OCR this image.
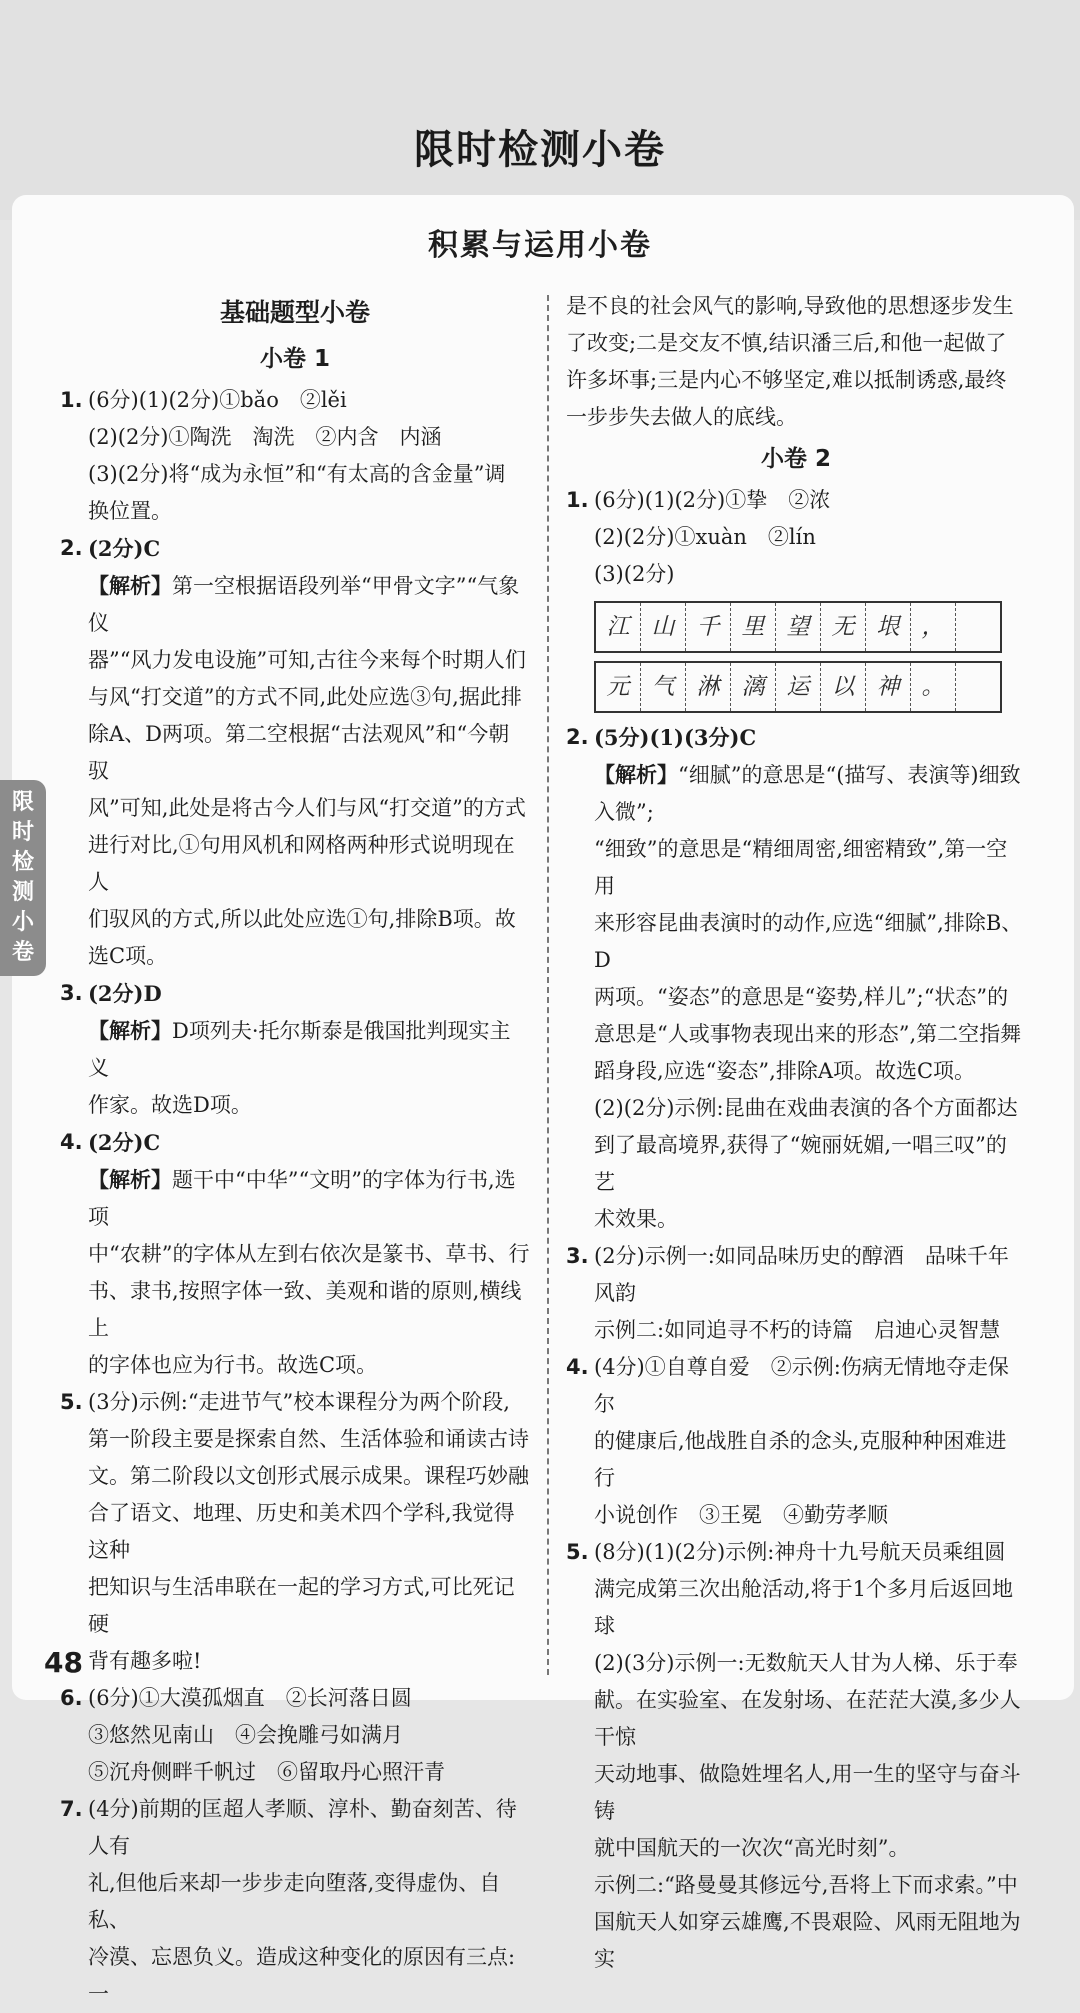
限时检测小卷
积累与运用小卷
基础题型小卷
小卷 1
1. (6分)(1)(2分)①bǎo　②lěi
(2)(2分)①陶洗　淘洗　②内含　内涵
(3)(2分)将“成为永恒”和“有太高的含金量”调
换位置。
2. (2分)C
【解析】第一空根据语段列举“甲骨文字”“气象仪
器”“风力发电设施”可知,古往今来每个时期人们
与风“打交道”的方式不同,此处应选③句,据此排
除A、D两项。第二空根据“古法观风”和“今朝驭
风”可知,此处是将古今人们与风“打交道”的方式
进行对比,①句用风机和网格两种形式说明现在人
们驭风的方式,所以此处应选①句,排除B项。故
选C项。
3. (2分)D
【解析】D项列夫·托尔斯泰是俄国批判现实主义
作家。故选D项。
4. (2分)C
【解析】题干中“中华”“文明”的字体为行书,选项
中“农耕”的字体从左到右依次是篆书、草书、行
书、隶书,按照字体一致、美观和谐的原则,横线上
的字体也应为行书。故选C项。
5. (3分)示例:“走进节气”校本课程分为两个阶段,
第一阶段主要是探索自然、生活体验和诵读古诗
文。第二阶段以文创形式展示成果。课程巧妙融
合了语文、地理、历史和美术四个学科,我觉得这种
把知识与生活串联在一起的学习方式,可比死记硬
背有趣多啦!
6. (6分)①大漠孤烟直　②长河落日圆
③悠然见南山　④会挽雕弓如满月
⑤沉舟侧畔千帆过　⑥留取丹心照汗青
7. (4分)前期的匡超人孝顺、淳朴、勤奋刻苦、待人有
礼,但他后来却一步步走向堕落,变得虚伪、自私、
冷漠、忘恩负义。造成这种变化的原因有三点:一
是不良的社会风气的影响,导致他的思想逐步发生
了改变;二是交友不慎,结识潘三后,和他一起做了
许多坏事;三是内心不够坚定,难以抵制诱惑,最终
一步步失去做人的底线。
小卷 2
1. (6分)(1)(2分)①挚　②浓
(2)(2分)①xuàn　②lín
(3)(2分)
江 山 千 里 望 无 垠 ，
元 气 淋 漓 运 以 神 。
2. (5分)(1)(3分)C
【解析】“细腻”的意思是“(描写、表演等)细致入微”;
“细致”的意思是“精细周密,细密精致”,第一空用
来形容昆曲表演时的动作,应选“细腻”,排除B、D
两项。“姿态”的意思是“姿势,样儿”;“状态”的
意思是“人或事物表现出来的形态”,第二空指舞
蹈身段,应选“姿态”,排除A项。故选C项。
(2)(2分)示例:昆曲在戏曲表演的各个方面都达
到了最高境界,获得了“婉丽妩媚,一唱三叹”的艺
术效果。
3. (2分)示例一:如同品味历史的醇酒　品味千年
风韵
示例二:如同追寻不朽的诗篇　启迪心灵智慧
4. (4分)①自尊自爱　②示例:伤病无情地夺走保尔
的健康后,他战胜自杀的念头,克服种种困难进行
小说创作　③王冕　④勤劳孝顺
5. (8分)(1)(2分)示例:神舟十九号航天员乘组圆
满完成第三次出舱活动,将于1个多月后返回地球
(2)(3分)示例一:无数航天人甘为人梯、乐于奉
献。在实验室、在发射场、在茫茫大漠,多少人干惊
天动地事、做隐姓埋名人,用一生的坚守与奋斗铸
就中国航天的一次次“高光时刻”。
示例二:“路曼曼其修远兮,吾将上下而求索。”中
国航天人如穿云雄鹰,不畏艰险、风雨无阻地为实
限
时
检
测
小
卷
48
